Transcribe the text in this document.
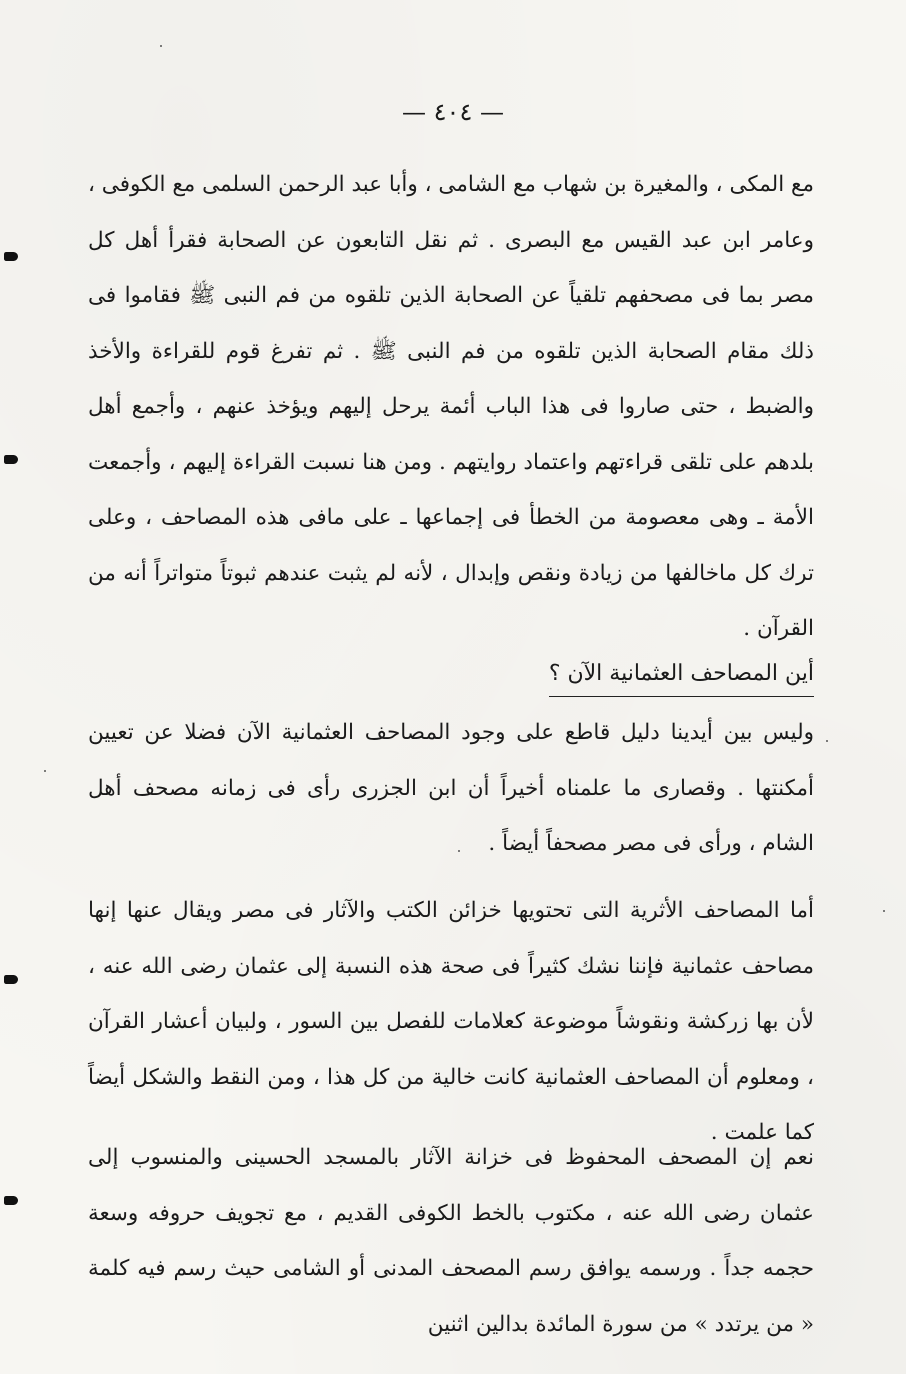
— ٤٠٤ —
مع المكى ، والمغيرة بن شهاب مع الشامى ، وأبا عبد الرحمن السلمى مع الكوفى ، وعامر ابن عبد القيس مع البصرى . ثم نقل التابعون عن الصحابة فقرأ أهل كل مصر بما فى مصحفهم تلقياً عن الصحابة الذين تلقوه من فم النبى ﷺ فقاموا فى ذلك مقام الصحابة الذين تلقوه من فم النبى ﷺ . ثم تفرغ قوم للقراءة والأخذ والضبط ، حتى صاروا فى هذا الباب أئمة يرحل إليهم ويؤخذ عنهم ، وأجمع أهل بلدهم على تلقى قراءتهم واعتماد روايتهم . ومن هنا نسبت القراءة إليهم ، وأجمعت الأمة ـ وهى معصومة من الخطأ فى إجماعها ـ على مافى هذه المصاحف ، وعلى ترك كل ماخالفها من زيادة ونقص وإبدال ، لأنه لم يثبت عندهم ثبوتاً متواتراً أنه من القرآن .
أين المصاحف العثمانية الآن ؟
وليس بين أيدينا دليل قاطع على وجود المصاحف العثمانية الآن فضلا عن تعيين أمكنتها . وقصارى ما علمناه أخيراً أن ابن الجزرى رأى فى زمانه مصحف أهل الشام ، ورأى فى مصر مصحفاً أيضاً .
أما المصاحف الأثرية التى تحتويها خزائن الكتب والآثار فى مصر ويقال عنها إنها مصاحف عثمانية فإننا نشك كثيراً فى صحة هذه النسبة إلى عثمان رضى الله عنه ، لأن بها زركشة ونقوشاً موضوعة كعلامات للفصل بين السور ، ولبيان أعشار القرآن ، ومعلوم أن المصاحف العثمانية كانت خالية من كل هذا ، ومن النقط والشكل أيضاً كما علمت .
نعم إن المصحف المحفوظ فى خزانة الآثار بالمسجد الحسينى والمنسوب إلى عثمان رضى الله عنه ، مكتوب بالخط الكوفى القديم ، مع تجويف حروفه وسعة حجمه جداً . ورسمه يوافق رسم المصحف المدنى أو الشامى حيث رسم فيه كلمة « من يرتدد » من سورة المائدة بدالين اثنين
